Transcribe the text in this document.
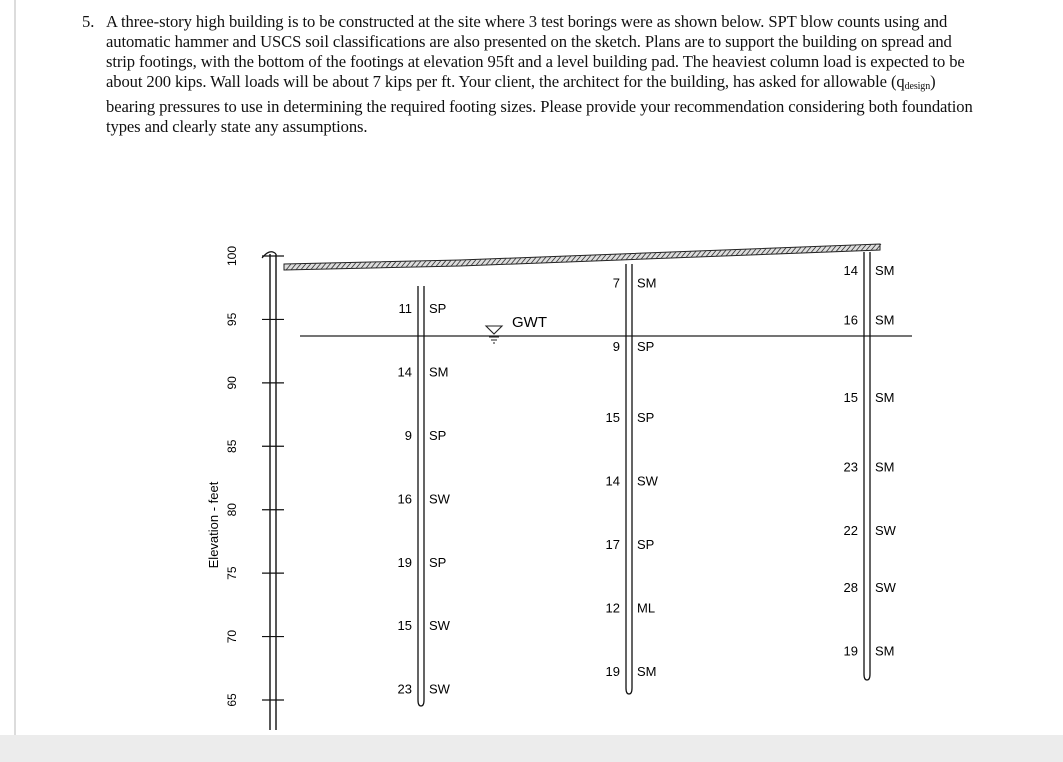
5. A three-story high building is to be constructed at the site where 3 test borings were as shown below. SPT blow counts using and automatic hammer and USCS soil classifications are also presented on the sketch. Plans are to support the building on spread and strip footings, with the bottom of the footings at elevation 95ft and a level building pad. The heaviest column load is expected to be about 200 kips. Wall loads will be about 7 kips per ft. Your client, the architect for the building, has asked for allowable $(q_{design})$ bearing pressures to use in determining the required footing sizes. Please provide your recommendation considering both foundation types and clearly state any assumptions.
100
95
90
85
80
75
70
65
Elevation - feet
GWT
11 SP
14 SM
9 SP
16 SW
19 SP
15 SW
23 SW
7 SM
9 SP
15 SP
14 SW
17 SP
12 ML
19 SM
14 SM
16 SM
15 SM
23 SM
22 SW
28 SW
19 SM
